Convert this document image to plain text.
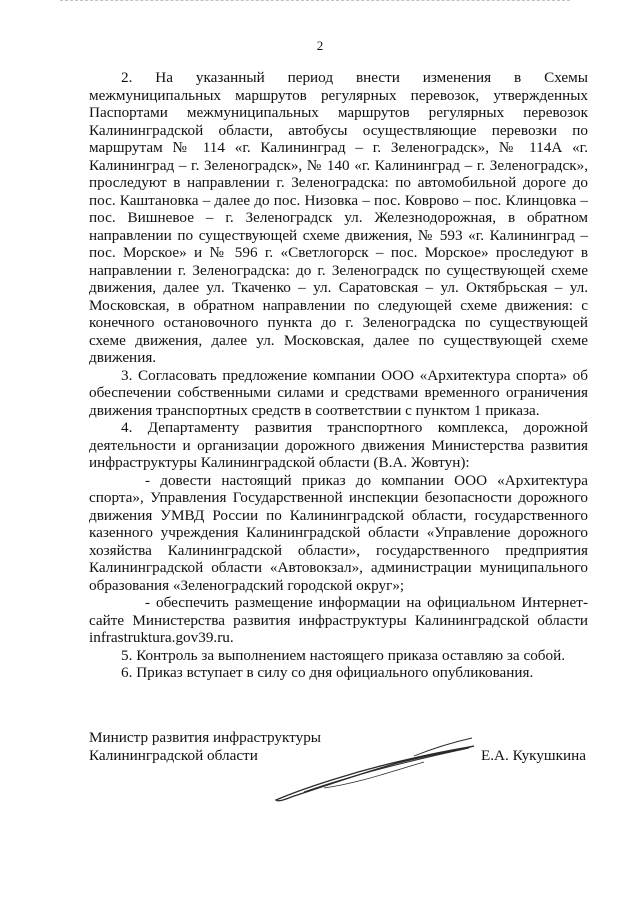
2

2. На указанный период внести изменения в Схемы межмуниципальных маршрутов регулярных перевозок, утвержденных Паспортами межмуниципальных маршрутов регулярных перевозок Калининградской области, автобусы осуществляющие перевозки по маршрутам № 114 «г. Калининград – г. Зеленоградск», № 114А «г. Калининград – г. Зеленоградск», № 140 «г. Калининград – г. Зеленоградск», проследуют в направлении г. Зеленоградска: по автомобильной дороге до пос. Каштановка – далее до пос. Низовка – пос. Коврово – пос. Клинцовка – пос. Вишневое – г. Зеленоградск ул. Железнодорожная, в обратном направлении по существующей схеме движения, № 593 «г. Калининград – пос. Морское» и № 596 г. «Светлогорск – пос. Морское» проследуют в направлении г. Зеленоградска: до г. Зеленоградск по существующей схеме движения, далее ул. Ткаченко – ул. Саратовская – ул. Октябрьская – ул. Московская, в обратном направлении по следующей схеме движения: с конечного остановочного пункта до г. Зеленоградска по существующей схеме движения, далее ул. Московская, далее по существующей схеме движения.

3. Согласовать предложение компании ООО «Архитектура спорта» об обеспечении собственными силами и средствами временного ограничения движения транспортных средств в соответствии с пунктом 1 приказа.

4. Департаменту развития транспортного комплекса, дорожной деятельности и организации дорожного движения Министерства развития инфраструктуры Калининградской области (В.А. Жовтун):

- довести настоящий приказ до компании ООО «Архитектура спорта», Управления Государственной инспекции безопасности дорожного движения УМВД России по Калининградской области, государственного казенного учреждения Калининградской области «Управление дорожного хозяйства Калининградской области», государственного предприятия Калининградской области «Автовокзал», администрации муниципального образования «Зеленоградский городской округ»;

- обеспечить размещение информации на официальном Интернет-сайте Министерства развития инфраструктуры Калининградской области infrastruktura.gov39.ru.

5. Контроль за выполнением настоящего приказа оставляю за собой.

6. Приказ вступает в силу со дня официального опубликования.

Министр развития инфраструктуры
Калининградской области	Е.А. Кукушкина
